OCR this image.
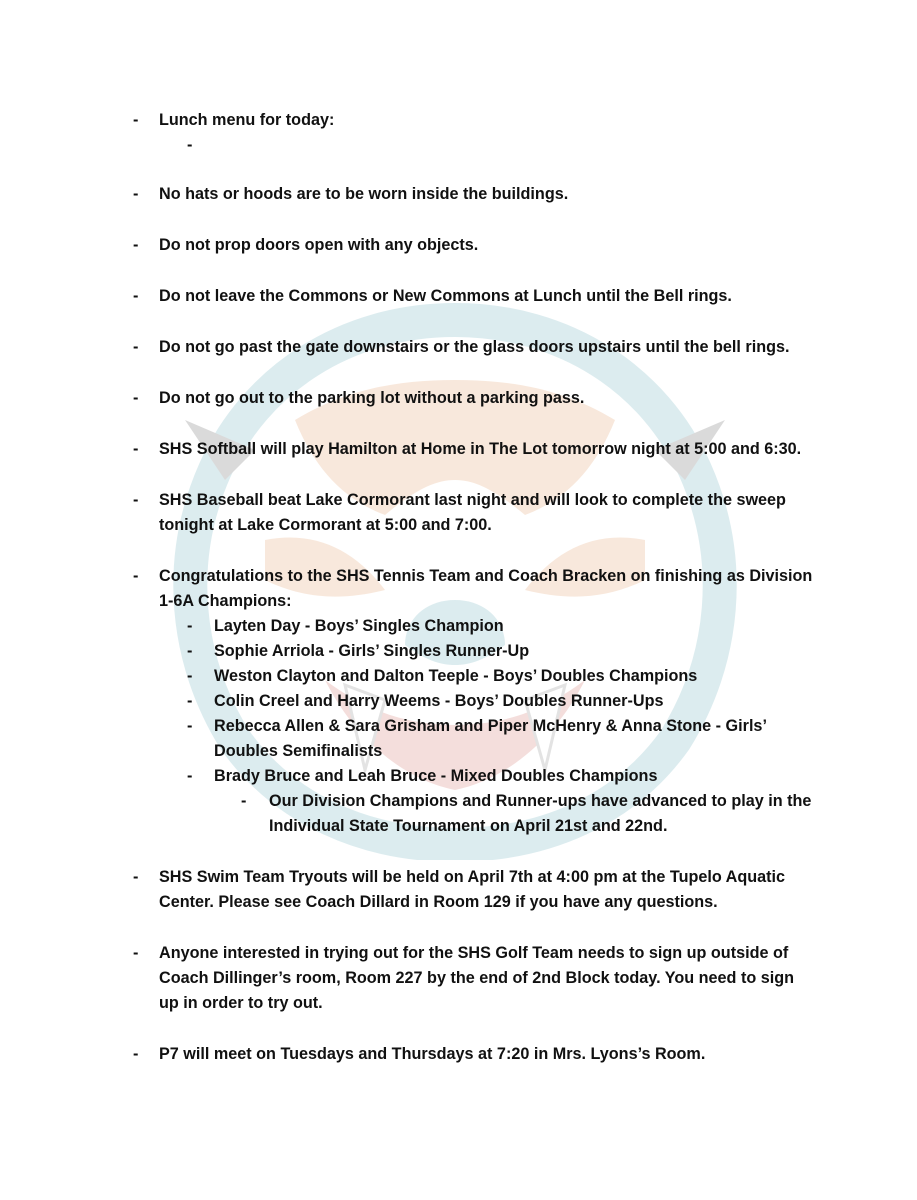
- Lunch menu for today:
-
- No hats or hoods are to be worn inside the buildings.
- Do not prop doors open with any objects.
- Do not leave the Commons or New Commons at Lunch until the Bell rings.
- Do not go past the gate downstairs or the glass doors upstairs until the bell rings.
- Do not go out to the parking lot without a parking pass.
- SHS Softball will play Hamilton at Home in The Lot tomorrow night at 5:00 and 6:30.
- SHS Baseball beat Lake Cormorant last night and will look to complete the sweep tonight at Lake Cormorant at 5:00 and 7:00.
- Congratulations to the SHS Tennis Team and Coach Bracken on finishing as Division 1-6A Champions:
- Layten Day - Boys’ Singles Champion
- Sophie Arriola - Girls’ Singles Runner-Up
- Weston Clayton and Dalton Teeple - Boys’ Doubles Champions
- Colin Creel and Harry Weems - Boys’ Doubles Runner-Ups
- Rebecca Allen & Sara Grisham and Piper McHenry & Anna Stone - Girls’ Doubles Semifinalists
- Brady Bruce and Leah Bruce - Mixed Doubles Champions
- Our Division Champions and Runner-ups have advanced to play in the Individual State Tournament on April 21st and 22nd.
- SHS Swim Team Tryouts will be held on April 7th at 4:00 pm at the Tupelo Aquatic Center. Please see Coach Dillard in Room 129 if you have any questions.
- Anyone interested in trying out for the SHS Golf Team needs to sign up outside of Coach Dillinger’s room, Room 227 by the end of 2nd Block today. You need to sign up in order to try out.
- P7 will meet on Tuesdays and Thursdays at 7:20 in Mrs. Lyons’s Room.
